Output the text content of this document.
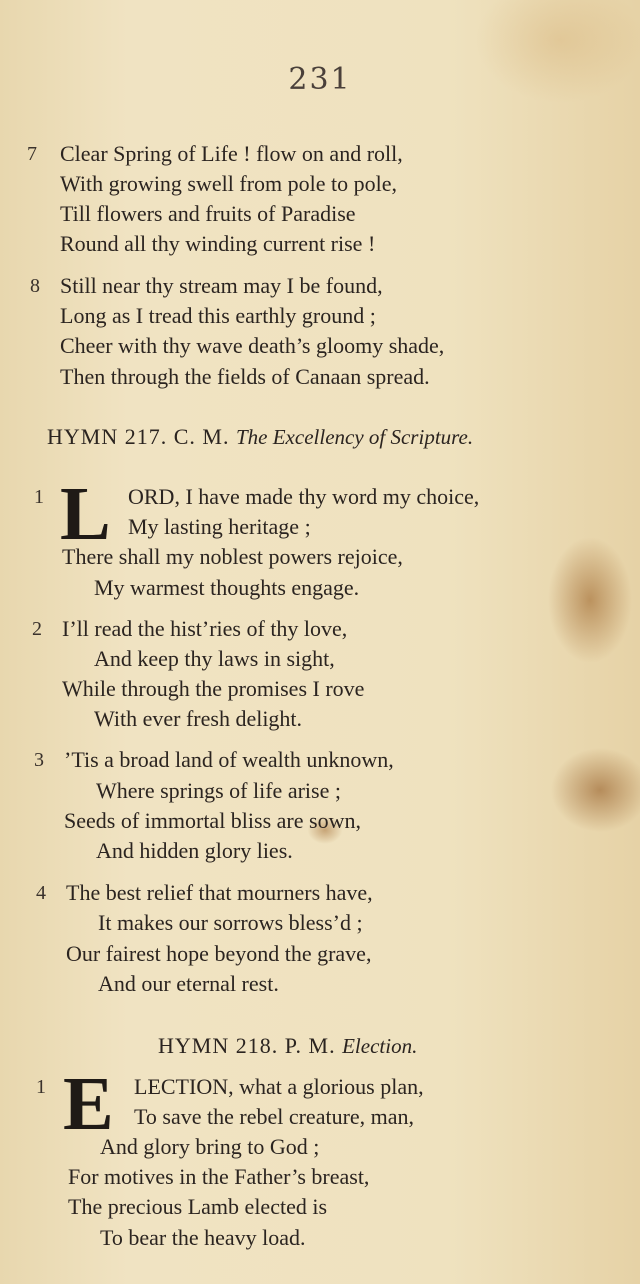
231
7 Clear Spring of Life ! flow on and roll,
With growing swell from pole to pole,
Till flowers and fruits of Paradise
Round all thy winding current rise !
8 Still near thy stream may I be found,
Long as I tread this earthly ground ;
Cheer with thy wave death’s gloomy shade,
Then through the fields of Canaan spread.
HYMN 217. C. M. The Excellency of Scripture.
1 L ORD, I have made thy word my choice,
My lasting heritage ;
There shall my noblest powers rejoice,
My warmest thoughts engage.
2 I’ll read the hist’ries of thy love,
And keep thy laws in sight,
While through the promises I rove
With ever fresh delight.
3 ’Tis a broad land of wealth unknown,
Where springs of life arise ;
Seeds of immortal bliss are sown,
And hidden glory lies.
4 The best relief that mourners have,
It makes our sorrows bless’d ;
Our fairest hope beyond the grave,
And our eternal rest.
HYMN 218. P. M. Election.
1 E LECTION, what a glorious plan,
To save the rebel creature, man,
And glory bring to God ;
For motives in the Father’s breast,
The precious Lamb elected is
To bear the heavy load.
